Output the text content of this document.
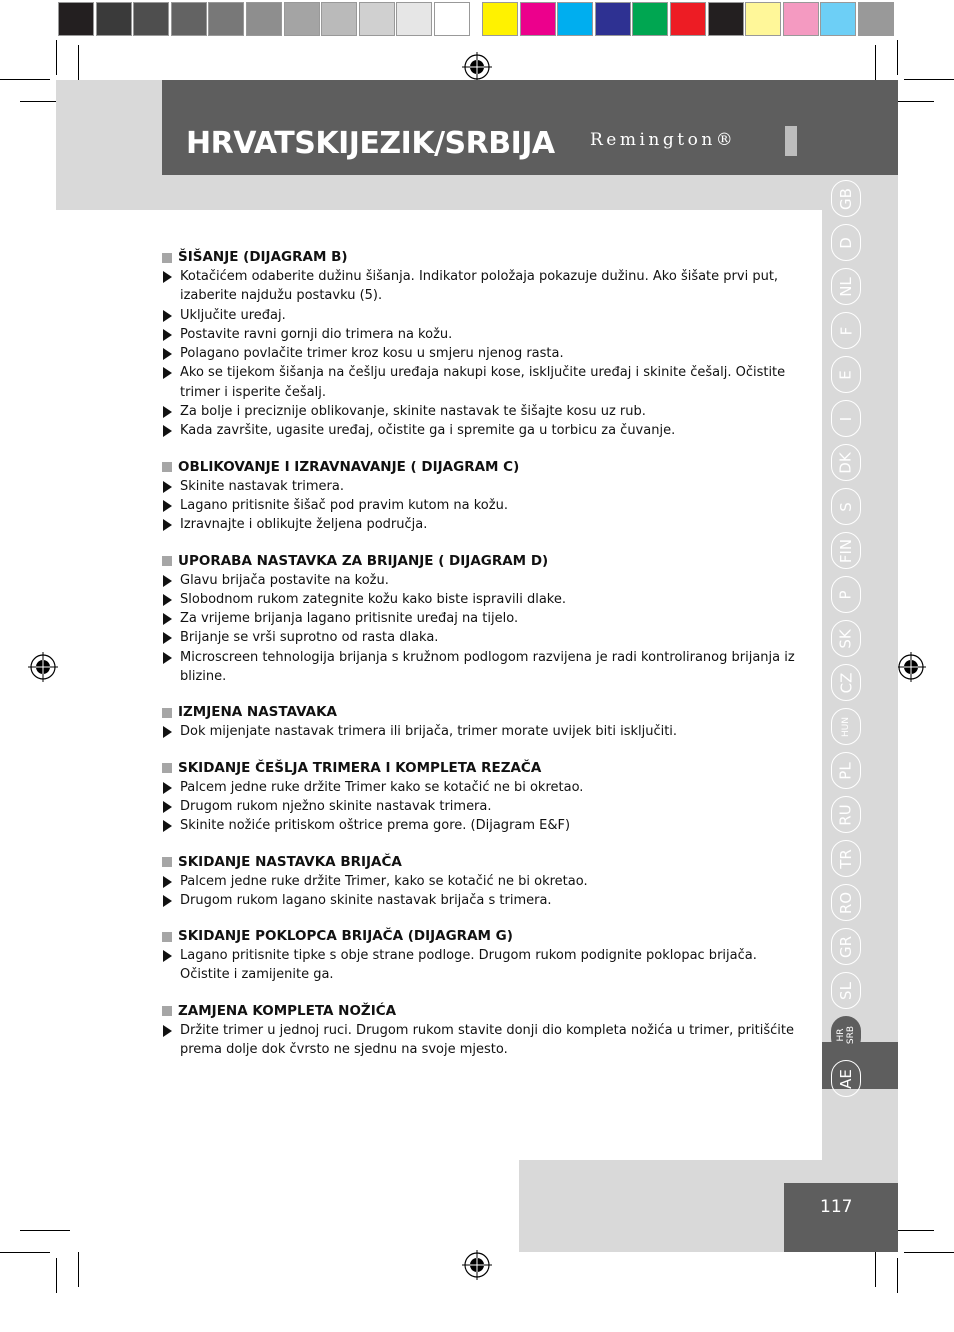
HRVATSKIJEZIK/SRBIJA Remington®
GB
D
NL
F
E
I
DK
S
FIN
P
SK
CZ
HUN
PL
RU
TR
RO
GR
SL
HR
SRB
AE
117
ŠIŠANJE (DIJAGRAM B)
Kotačićem odaberite dužinu šišanja. Indikator položaja pokazuje dužinu. Ako šišate prvi put, izaberite najdužu postavku (5).
Uključite uređaj.
Postavite ravni gornji dio trimera na kožu.
Polagano povlačite trimer kroz kosu u smjeru njenog rasta.
Ako se tijekom šišanja na češlju uređaja nakupi kose, isključite uređaj i skinite češalj. Očistite trimer i isperite češalj.
Za bolje i preciznije oblikovanje, skinite nastavak te šišajte kosu uz rub.
Kada završite, ugasite uređaj, očistite ga i spremite ga u torbicu za čuvanje.
OBLIKOVANJE I IZRAVNAVANJE ( DIJAGRAM C)
Skinite nastavak trimera.
Lagano pritisnite šišač pod pravim kutom na kožu.
Izravnajte i oblikujte željena područja.
UPORABA NASTAVKA ZA BRIJANJE ( DIJAGRAM D)
Glavu brijača postavite na kožu.
Slobodnom rukom zategnite kožu kako biste ispravili dlake.
Za vrijeme brijanja lagano pritisnite uređaj na tijelo.
Brijanje se vrši suprotno od rasta dlaka.
Microscreen tehnologija brijanja s kružnom podlogom razvijena je radi kontroliranog brijanja iz blizine.
IZMJENA NASTAVAKA
Dok mijenjate nastavak trimera ili brijača, trimer morate uvijek biti isključiti.
SKIDANJE ČEŠLJA TRIMERA I KOMPLETA REZAČA
Palcem jedne ruke držite Trimer kako se kotačić ne bi okretao.
Drugom rukom nježno skinite nastavak trimera.
Skinite nožiće pritiskom oštrice prema gore. (Dijagram E&F)
SKIDANJE NASTAVKA BRIJAČA
Palcem jedne ruke držite Trimer, kako se kotačić ne bi okretao.
Drugom rukom lagano skinite nastavak brijača s trimera.
SKIDANJE POKLOPCA BRIJAČA (DIJAGRAM G)
Lagano pritisnite tipke s obje strane podloge. Drugom rukom podignite poklopac brijača. Očistite i zamijenite ga.
ZAMJENA KOMPLETA NOŽIĆA
Držite trimer u jednoj ruci. Drugom rukom stavite donji dio kompleta nožića u trimer, pritišćite prema dolje dok čvrsto ne sjednu na svoje mjesto.
